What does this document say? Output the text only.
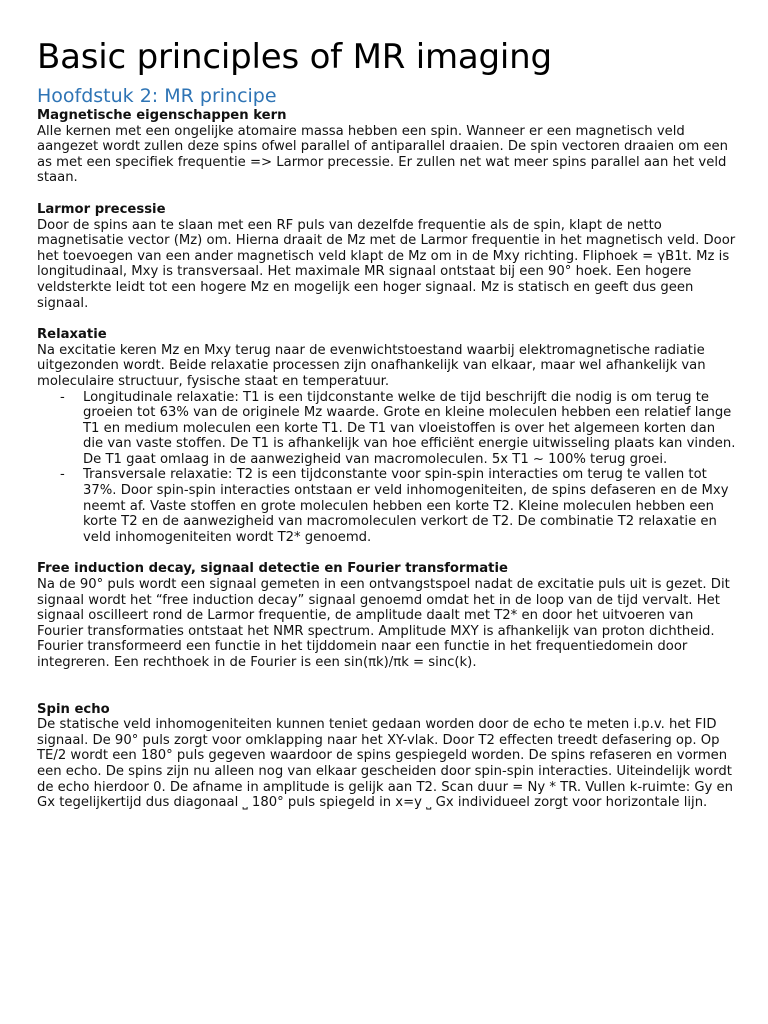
Basic principles of MR imaging
Hoofdstuk 2: MR principe
Magnetische eigenschappen kern

Alle kernen met een ongelijke atomaire massa hebben een spin. Wanneer er een magnetisch veld aangezet wordt zullen deze spins ofwel parallel of antiparallel draaien. De spin vectoren draaien om een as met een specifiek frequentie => Larmor precessie. Er zullen net wat meer spins parallel aan het veld staan.

Larmor precessie

Door de spins aan te slaan met een RF puls van dezelfde frequentie als de spin, klapt de netto magnetisatie vector (Mz) om. Hierna draait de Mz met de Larmor frequentie in het magnetisch veld. Door het toevoegen van een ander magnetisch veld klapt de Mz om in de Mxy richting. Fliphoek = γB1t. Mz is longitudinaal, Mxy is transversaal. Het maximale MR signaal ontstaat bij een 90° hoek. Een hogere veldsterkte leidt tot een hogere Mz en mogelijk een hoger signaal. Mz is statisch en geeft dus geen signaal.

Relaxatie

Na excitatie keren Mz en Mxy terug naar de evenwichtstoestand waarbij elektromagnetische radiatie uitgezonden wordt. Beide relaxatie processen zijn onafhankelijk van elkaar, maar wel afhankelijk van moleculaire structuur, fysische staat en temperatuur.

- Longitudinale relaxatie: T1 is een tijdconstante welke de tijd beschrijft die nodig is om terug te groeien tot 63% van de originele Mz waarde. Grote en kleine moleculen hebben een relatief lange T1 en medium moleculen een korte T1. De T1 van vloeistoffen is over het algemeen korten dan die van vaste stoffen. De T1 is afhankelijk van hoe efficiënt energie uitwisseling plaats kan vinden. De T1 gaat omlaag in de aanwezigheid van macromoleculen. 5x T1 ~ 100% terug groei.
- Transversale relaxatie: T2 is een tijdconstante voor spin-spin interacties om terug te vallen tot 37%. Door spin-spin interacties ontstaan er veld inhomogeniteiten, de spins defaseren en de Mxy neemt af. Vaste stoffen en grote moleculen hebben een korte T2. Kleine moleculen hebben een korte T2 en de aanwezigheid van macromoleculen verkort de T2. De combinatie T2 relaxatie en veld inhomogeniteiten wordt T2* genoemd.
Free induction decay, signaal detectie en Fourier transformatie

Na de 90° puls wordt een signaal gemeten in een ontvangstspoel nadat de excitatie puls uit is gezet. Dit signaal wordt het “free induction decay” signaal genoemd omdat het in de loop van de tijd vervalt. Het signaal oscilleert rond de Larmor frequentie, de amplitude daalt met T2* en door het uitvoeren van Fourier transformaties ontstaat het NMR spectrum. Amplitude MXY is afhankelijk van proton dichtheid. Fourier transformeerd een functie in het tijddomein naar een functie in het frequentiedomein door integreren. Een rechthoek in de Fourier is een sin(πk)/πk = sinc(k).

Spin echo

De statische veld inhomogeniteiten kunnen teniet gedaan worden door de echo te meten i.p.v. het FID signaal. De 90° puls zorgt voor omklapping naar het XY-vlak. Door T2 effecten treedt defasering op. Op TE/2 wordt een 180° puls gegeven waardoor de spins gespiegeld worden. De spins refaseren en vormen een echo. De spins zijn nu alleen nog van elkaar gescheiden door spin-spin interacties. Uiteindelijk wordt de echo hierdoor 0. De afname in amplitude is gelijk aan T2. Scan duur = Ny * TR. Vullen k-ruimte: Gy en Gx tegelijkertijd dus diagonaal ⎵ 180° puls spiegeld in x=y ⎵ Gx individueel zorgt voor horizontale lijn.
